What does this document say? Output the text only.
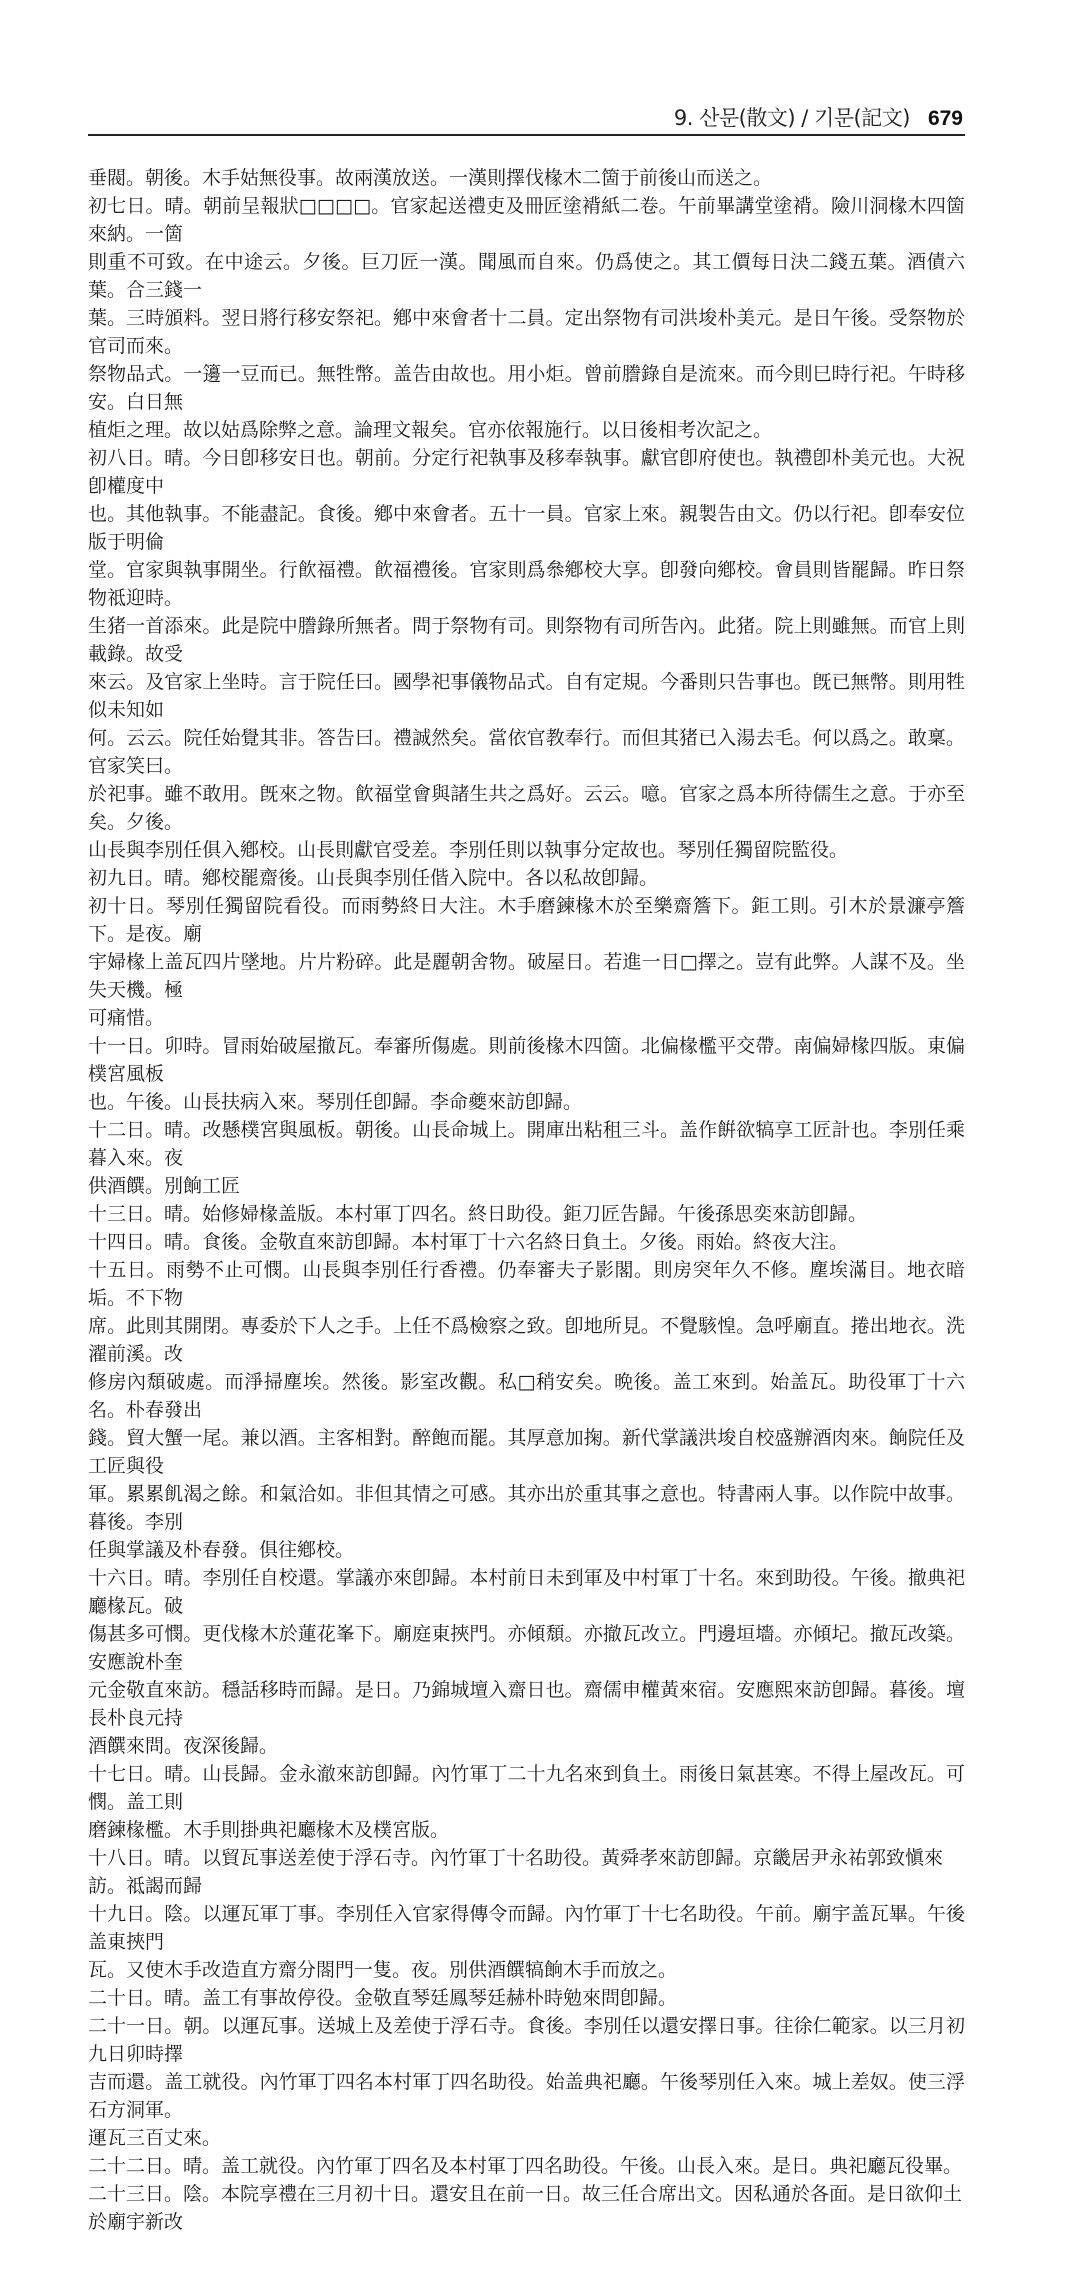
9. 산문(散文) / 기문(記文) 679
垂閥。朝後。木手姑無役事。故兩漢放送。一漢則擇伐椽木二箇于前後山而送之。
初七日。晴。朝前呈報狀□□□□。官家起送禮吏及冊匠塗褙紙二卷。午前畢講堂塗褙。險川洞椽木四箇來納。一箇
則重不可致。在中途云。夕後。巨刀匠一漢。聞風而自來。仍爲使之。其工價每日決二錢五葉。酒債六葉。合三錢一
葉。三時頒料。翌日將行移安祭祀。鄕中來會者十二員。定出祭物有司洪埈朴美元。是日午後。受祭物於官司而來。
祭物品式。一籩一豆而已。無牲幣。盖告由故也。用小炬。曾前謄錄自是流來。而今則巳時行祀。午時移安。白日無
植炬之理。故以姑爲除弊之意。論理文報矣。官亦依報施行。以日後相考次記之。
初八日。晴。今日卽移安日也。朝前。分定行祀執事及移奉執事。獻官卽府使也。執禮卽朴美元也。大祝卽權度中
也。其他執事。不能盡記。食後。鄕中來會者。五十一員。官家上來。親製告由文。仍以行祀。卽奉安位版于明倫
堂。官家與執事開坐。行飮福禮。飮福禮後。官家則爲叅鄕校大享。卽發向鄕校。會員則皆罷歸。昨日祭物祗迎時。
生猪一首添來。此是院中謄錄所無者。問于祭物有司。則祭物有司所告內。此猪。院上則雖無。而官上則載錄。故受
來云。及官家上坐時。言于院任曰。國學祀事儀物品式。自有定規。今番則只告事也。旣已無幣。則用牲似未知如
何。云云。院任始覺其非。答告曰。禮誠然矣。當依官教奉行。而但其猪已入湯去毛。何以爲之。敢稟。官家笑曰。
於祀事。雖不敢用。旣來之物。飮福堂會與諸生共之爲好。云云。噫。官家之爲本所待儒生之意。于亦至矣。夕後。
山長與李別任俱入鄕校。山長則獻官受差。李別任則以執事分定故也。琴別任獨留院監役。
初九日。晴。鄕校罷齋後。山長與李別任偕入院中。各以私故卽歸。
初十日。琴別任獨留院看役。而雨勢終日大注。木手磨鍊椽木於至樂齋簷下。鉅工則。引木於景濂亭簷下。是夜。廟
宇婦椽上盖瓦四片墜地。片片粉碎。此是麗朝舍物。破屋日。若進一日□擇之。豈有此弊。人謀不及。坐失天機。極
可痛惜。
十一日。卯時。冒雨始破屋撤瓦。奉審所傷處。則前後椽木四箇。北偏椽檻平交帶。南偏婦椽四版。東偏樸宮風板
也。午後。山長扶病入來。琴別任卽歸。李命夔來訪卽歸。
十二日。晴。改懸樸宮與風板。朝後。山長命城上。開庫出粘租三斗。盖作餠欲犒享工匠計也。李別任乘暮入來。夜
供酒饌。別餉工匠
十三日。晴。始修婦椽盖版。本村軍丁四名。終日助役。鉅刀匠告歸。午後孫思奕來訪卽歸。
十四日。晴。食後。金敬直來訪卽歸。本村軍丁十六名終日負土。夕後。雨始。終夜大注。
十五日。雨勢不止可憫。山長與李別任行香禮。仍奉審夫子影閣。則房突年久不修。塵埃滿目。地衣暗垢。不下物
席。此則其開閉。專委於下人之手。上任不爲檢察之致。卽地所見。不覺駭惶。急呼廟直。捲出地衣。洗濯前溪。改
修房內頹破處。而淨掃塵埃。然後。影室改觀。私□稍安矣。晩後。盖工來到。始盖瓦。助役軍丁十六名。朴春發出
錢。貿大蟹一尾。兼以酒。主客相對。醉飽而罷。其厚意加掬。新代掌議洪埈自校盛辦酒肉來。餉院任及工匠與役
軍。累累飢渴之餘。和氣洽如。非但其情之可感。其亦出於重其事之意也。特書兩人事。以作院中故事。暮後。李別
任與掌議及朴春發。俱往鄕校。
十六日。晴。李別任自校還。掌議亦來卽歸。本村前日未到軍及中村軍丁十名。來到助役。午後。撤典祀廳椽瓦。破
傷甚多可憫。更伐椽木於蓮花峯下。廟庭東挾門。亦傾頹。亦撤瓦改立。門邊垣墻。亦傾圮。撤瓦改築。安應說朴奎
元金敬直來訪。穩話移時而歸。是日。乃錦城壇入齋日也。齋儒申權黃來宿。安應熙來訪卽歸。暮後。壇長朴良元持
酒饌來問。夜深後歸。
十七日。晴。山長歸。金永澈來訪卽歸。內竹軍丁二十九名來到負土。雨後日氣甚寒。不得上屋改瓦。可憫。盖工則
磨鍊椽檻。木手則掛典祀廳椽木及樸宮版。
十八日。晴。以貿瓦事送差使于浮石寺。內竹軍丁十名助役。黃舜孝來訪卽歸。京畿居尹永祐郭致愼來訪。祗謁而歸
十九日。陰。以運瓦軍丁事。李別任入官家得傳令而歸。內竹軍丁十七名助役。午前。廟宇盖瓦畢。午後盖東挾門
瓦。又使木手改造直方齋分閤門一隻。夜。別供酒饌犒餉木手而放之。
二十日。晴。盖工有事故停役。金敬直琴廷鳳琴廷赫朴時勉來問卽歸。
二十一日。朝。以運瓦事。送城上及差使于浮石寺。食後。李別任以還安擇日事。往徐仁範家。以三月初九日卯時擇
吉而還。盖工就役。內竹軍丁四名本村軍丁四名助役。始盖典祀廳。午後琴別任入來。城上差奴。使三浮石方洞軍。
運瓦三百丈來。
二十二日。晴。盖工就役。內竹軍丁四名及本村軍丁四名助役。午後。山長入來。是日。典祀廳瓦役畢。
二十三日。陰。本院享禮在三月初十日。還安且在前一日。故三任合席出文。因私通於各面。是日欲仰土於廟宇新改
